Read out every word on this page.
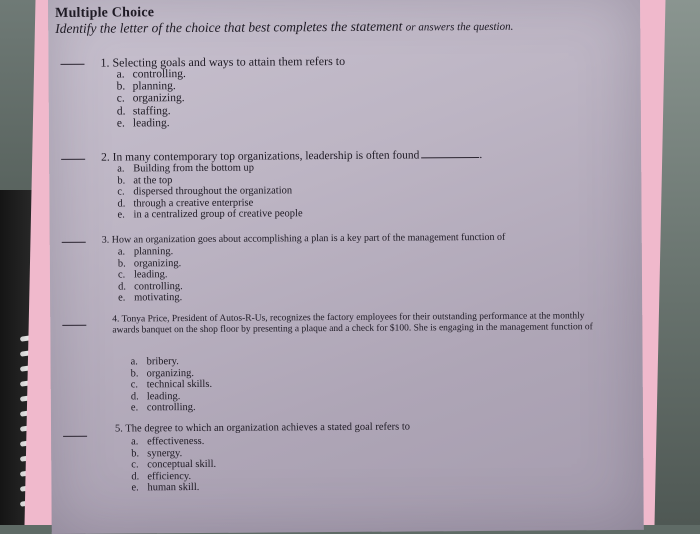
Multiple Choice
Identify the letter of the choice that best completes the statement or answers the question.
1. Selecting goals and ways to attain them refers to
a. controlling.
b. planning.
c. organizing.
d. staffing.
e. leading.
2. In many contemporary top organizations, leadership is often found	.
a. Building from the bottom up
b. at the top
c. dispersed throughout the organization
d. through a creative enterprise
e. in a centralized group of creative people
3. How an organization goes about accomplishing a plan is a key part of the management function of
a. planning.
b. organizing.
c. leading.
d. controlling.
e. motivating.
4. Tonya Price, President of Autos-R-Us, recognizes the factory employees for their outstanding performance at the monthly awards banquet on the shop floor by presenting a plaque and a check for $100. She is engaging in the management function of
a. bribery.
b. organizing.
c. technical skills.
d. leading.
e. controlling.
5. The degree to which an organization achieves a stated goal refers to
a. effectiveness.
b. synergy.
c. conceptual skill.
d. efficiency.
e. human skill.
